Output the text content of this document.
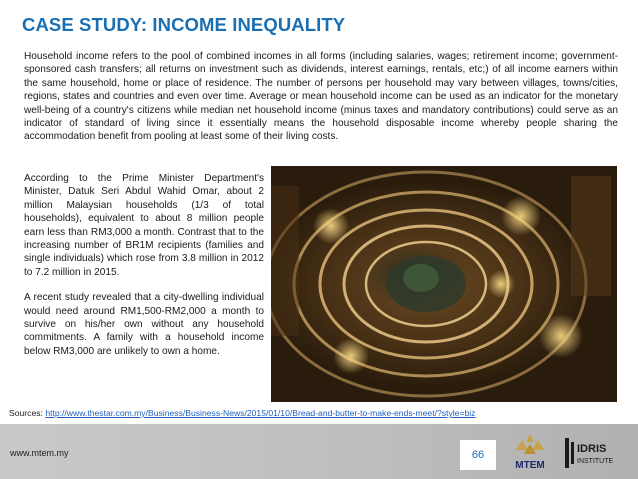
CASE STUDY: INCOME INEQUALITY
Household income refers to the pool of combined incomes in all forms (including salaries, wages; retirement income; government-sponsored cash transfers; all returns on investment such as dividends, interest earnings, rentals, etc;) of all income earners within the same household, home or place of residence. The number of persons per household may vary between villages, towns/cities, regions, states and countries and even over time. Average or mean household income can be used as an indicator for the monetary well-being of a country's citizens while median net household income (minus taxes and mandatory contributions) could serve as an indicator of standard of living since it essentially means the household disposable income whereby people sharing the accommodation benefit from pooling at least some of their living costs.

According to the Prime Minister Department's Minister, Datuk Seri Abdul Wahid Omar, about 2 million Malaysian households (1/3 of total households), equivalent to about 8 million people earn less than RM3,000 a month. Contrast that to the increasing number of BR1M recipients (families and single individuals) which rose from 3.8 million in 2012 to 7.2 million in 2015.

A recent study revealed that a city-dwelling individual would need around RM1,500-RM2,000 a month to survive on his/her own without any household commitments. A family with a household income below RM3,000 are unlikely to own a home.

Sources: http://www.thestar.com.my/Business/Business-News/2015/01/10/Bread-and-butter-to-make-ends-meet/?style=biz
www.mtem.my	66
MTEM
IDRIS
INSTITUTE
